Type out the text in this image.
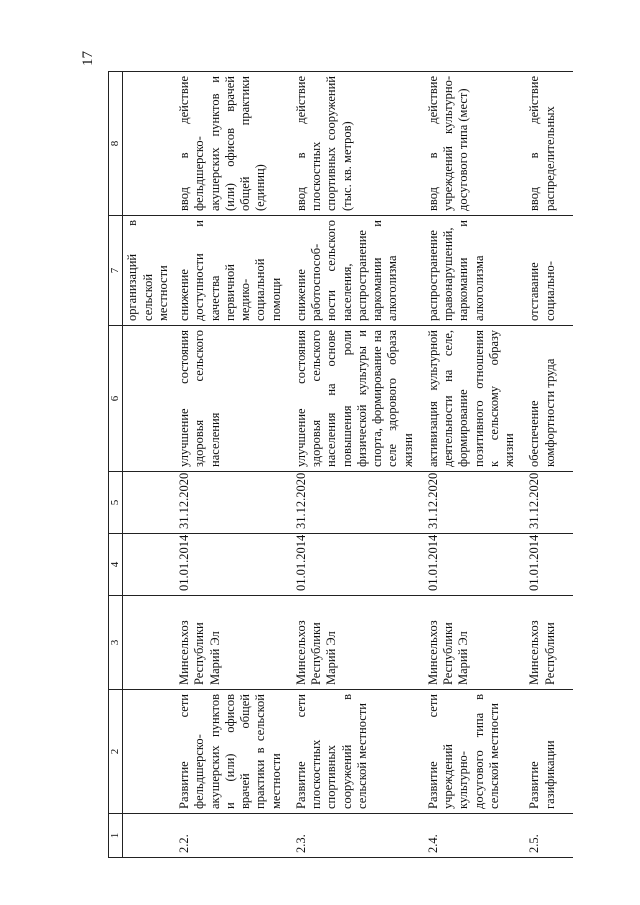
17
1	2	3	4	5	6	7	8
						организаций в сельской местности	
2.2.	Развитие сети фельдшерско-акушерских пунктов и (или) офисов врачей общей практики в сельской местности	Минсельхоз Республики Марий Эл	01.01.2014	31.12.2020	улучшение состояния здоровья сельского населения	снижение доступности и качества первичной медико-социальной помощи	ввод в действие фельдшерско-акушерских пунктов и (или) офисов врачей общей практики (единиц)
2.3.	Развитие сети плоскостных спортивных сооружений в сельской местности	Минсельхоз Республики Марий Эл	01.01.2014	31.12.2020	улучшение состояния здоровья сельского населения на основе повышения роли физической культуры и спорта, формирование на селе здорового образа жизни	снижение работоспособ-ности сельского населения, распространение наркомании и алкоголизма	ввод в действие плоскостных спортивных сооружений (тыс. кв. метров)
2.4.	Развитие сети учреждений культурно-досугового типа в сельской местности	Минсельхоз Республики Марий Эл	01.01.2014	31.12.2020	активизация культурной деятельности на селе, формирование позитивного отношения к сельскому образу жизни	распространение правонарушений, наркомании и алкоголизма	ввод в действие учреждений культурно-досугового типа (мест)
2.5.	Развитие газификации	Минсельхоз Республики	01.01.2014	31.12.2020	обеспечение комфортности труда	отставание социально-	ввод в действие распределительных
